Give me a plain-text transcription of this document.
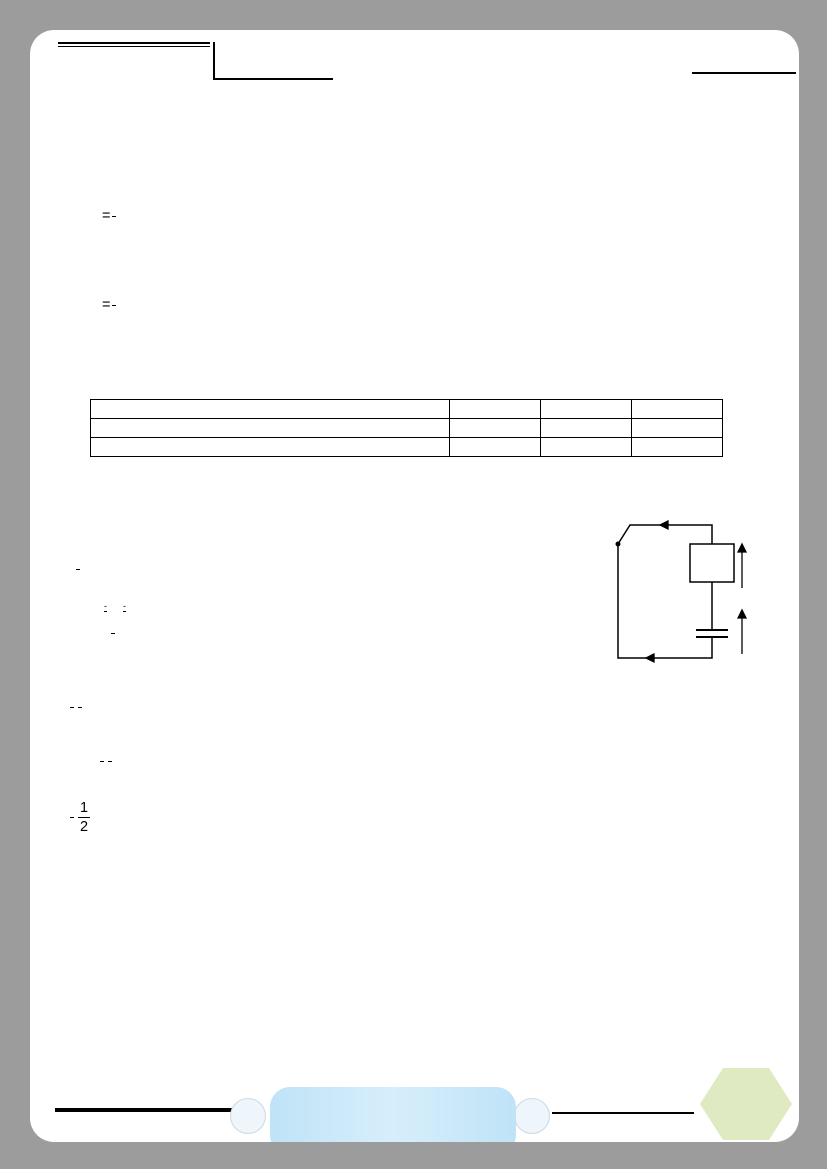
=
=

-
-
$\frac{1}{2}$
